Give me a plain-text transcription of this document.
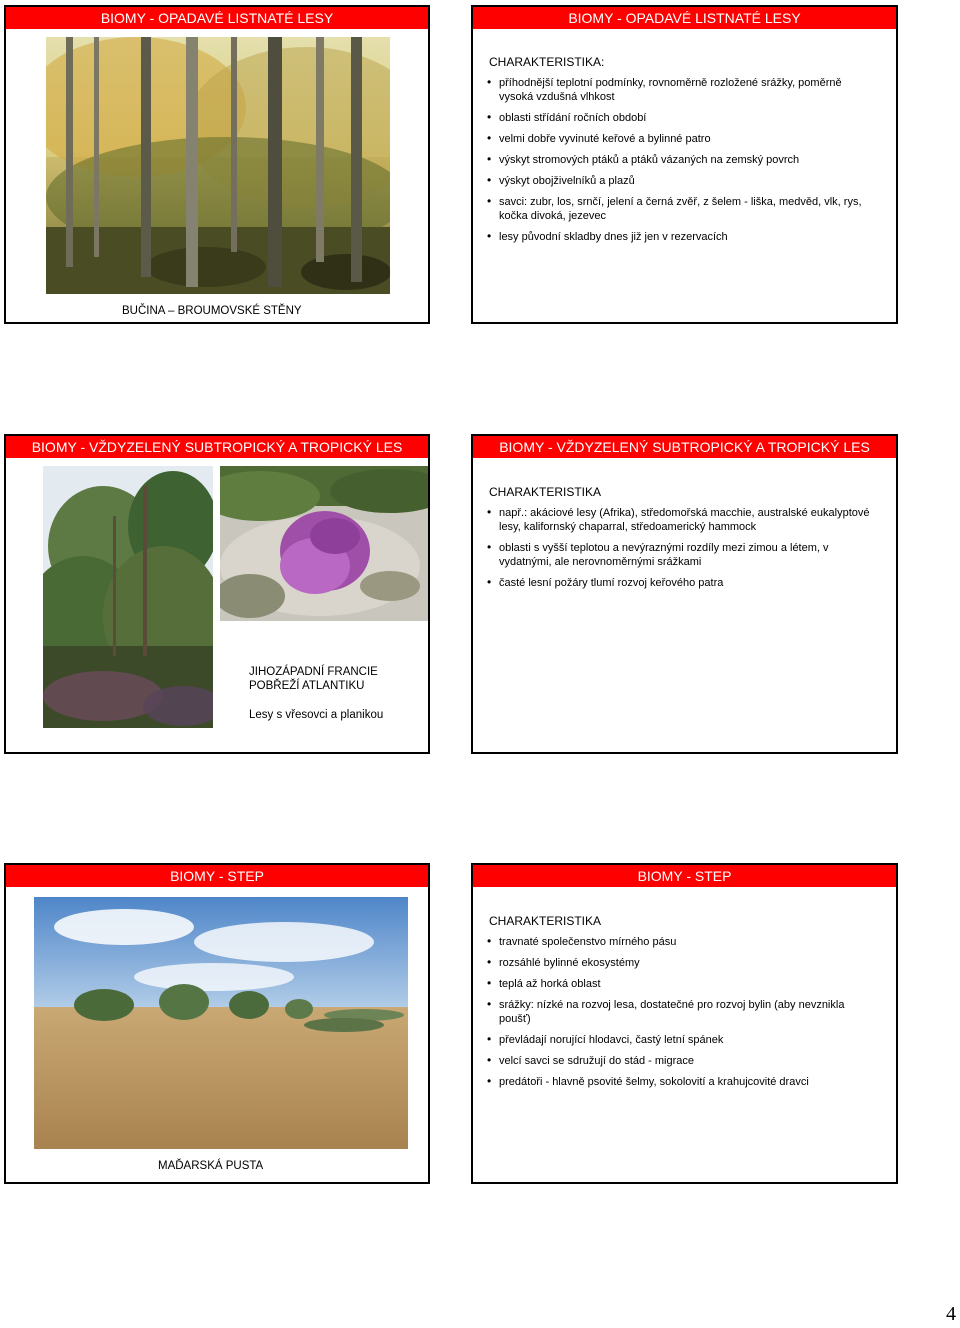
BIOMY - OPADAVÉ LISTNATÉ LESY
BUČINA – BROUMOVSKÉ STĚNY
BIOMY - OPADAVÉ LISTNATÉ LESY
CHARAKTERISTIKA:
• příhodnější teplotní podmínky, rovnoměrně rozložené srážky, poměrně vysoká vzdušná vlhkost
• oblasti střídání ročních období
• velmi dobře vyvinuté keřové a bylinné patro
• výskyt stromových ptáků a ptáků vázaných na zemský povrch
• výskyt obojživelníků a plazů
• savci: zubr, los, srnčí, jelení a černá zvěř, z šelem - liška, medvěd, vlk, rys, kočka divoká, jezevec
• lesy původní skladby dnes již jen v rezervacích
BIOMY - VŽDYZELENÝ SUBTROPICKÝ A TROPICKÝ LES
JIHOZÁPADNÍ FRANCIE
POBŘEŽÍ ATLANTIKU
Lesy s vřesovci a planikou
BIOMY - VŽDYZELENÝ SUBTROPICKÝ A TROPICKÝ LES
CHARAKTERISTIKA
• např.: akáciové lesy (Afrika), středomořská macchie, australské eukalyptové lesy, kalifornský chaparral, středoamerický hammock
• oblasti s vyšší teplotou a nevýraznými rozdíly mezi zimou a létem, v vydatnými, ale nerovnoměrnými srážkami
• časté lesní požáry tlumí rozvoj keřového patra
BIOMY - STEP
MAĎARSKÁ PUSTA
BIOMY - STEP
CHARAKTERISTIKA
• travnaté společenstvo mírného pásu
• rozsáhlé bylinné ekosystémy
• teplá až horká oblast
• srážky: nízké na rozvoj lesa, dostatečné pro rozvoj bylin (aby nevznikla poušť)
• převládají norující hlodavci, častý letní spánek
• velcí savci se sdružují do stád - migrace
• predátoři - hlavně psovité šelmy, sokolovití a krahujcovité dravci
4
